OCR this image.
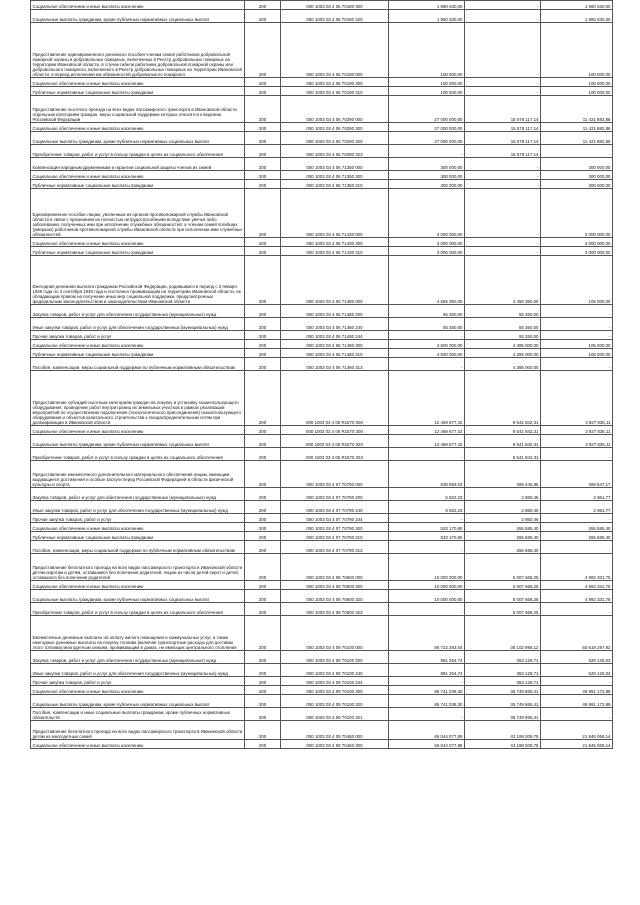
Социальное обеспечение и иные выплаты населению	200	000 1003 03 4 06 70180 300	1 960 630,00	-	1 960 630,00
Социальные выплаты гражданам, кроме публичных нормативных социальных выплат	200	000 1003 03 4 06 70180 320	1 960 630,00	-	1 960 630,00
Предоставление единовременного денежного пособия членам семей работников добровольной пожарной охраны и добровольных пожарных, включенных в Реестр добровольных пожарных на территории Ивановской области, в случае гибели работника добровольной пожарной охраны или добровольного пожарного, включенного в Реестр добровольных пожарных на территории Ивановской области, в период исполнения им обязанностей добровольного пожарного	200	000 1003 03 4 06 70190 000	100 000,00	-	100 000,00
Социальное обеспечение и иные выплаты населению	200	000 1003 03 4 06 70190 300	100 000,00	-	100 000,00
Публичные нормативные социальные выплаты гражданам	200	000 1003 03 4 06 70190 310	100 000,00	-	100 000,00
Предоставление льготного проезда на всех видах пассажирского транспорта в Ивановской области отдельным категориям граждан, меры социальной поддержки которых относятся к ведению Российской Федерации	200	000 1003 03 4 06 70290 000	27 000 000,00	15 578 117,14	11 421 882,86
Социальное обеспечение и иные выплаты населению	200	000 1003 03 4 06 70290 300	27 000 000,00	15 578 117,14	11 421 882,86
Социальные выплаты гражданам, кроме публичных нормативных социальных выплат	200	000 1003 03 4 06 70290 320	27 000 000,00	15 578 117,14	11 421 882,86
Приобретение товаров, работ и услуг в пользу граждан в целях их социального обеспечения	200	000 1003 03 4 06 70290 323	-	15 578 117,14	-
Компенсация народным дружинникам и гарантии социальной защиты членов их семей	200	000 1003 03 4 06 71350 000	300 000,00	-	300 000,00
Социальное обеспечение и иные выплаты населению	200	000 1003 03 4 06 71350 300	300 000,00	-	300 000,00
Публичные нормативные социальные выплаты гражданам	200	000 1003 03 4 06 71350 310	300 000,00	-	300 000,00
Единовременное пособие лицам, уволенным из органов противопожарной службы Ивановской области в связи с признанием их полностью нетрудоспособными вследствие увечья либо заболевания, полученных ими при исполнении служебных обязанностей, а членам семей погибших (умерших) работников противопожарной службы Ивановской области при исполнении ими служебных обязанностей	200	000 1003 03 4 06 71430 000	3 000 000,00	-	3 000 000,00
Социальное обеспечение и иные выплаты населению	200	000 1003 03 4 06 71430 300	3 000 000,00	-	3 000 000,00
Публичные нормативные социальные выплаты гражданам	200	000 1003 03 4 06 71430 310	3 000 000,00	-	3 000 000,00
Ежегодная денежная выплата гражданам Российской Федерации, родившимся в период с 3 января 1928 года по 3 сентября 1945 года и постоянно проживающим на территории Ивановской области, не обладающим правом на получение иных мер социальной поддержки, предусмотренных федеральным законодательством и законодательством Ивановской области	200	000 1003 03 4 06 71480 000	4 555 350,00	4 450 350,00	105 000,00
Закупка товаров, работ и услуг для обеспечения государственных (муниципальных) нужд	200	000 1003 03 4 06 71480 200	55 350,00	55 350,00	-
Иные закупки товаров, работ и услуг для обеспечения государственных (муниципальных) нужд	200	000 1003 03 4 06 71480 240	55 350,00	55 350,00	-
Прочая закупка товаров, работ и услуг	200	000 1003 03 4 06 71480 244	-	55 350,00	-
Социальное обеспечение и иные выплаты населению	200	000 1003 03 4 06 71480 300	4 500 000,00	4 395 000,00	105 000,00
Публичные нормативные социальные выплаты гражданам	200	000 1003 03 4 06 71480 310	4 500 000,00	4 395 000,00	105 000,00
Пособия, компенсации, меры социальной поддержки по публичным нормативным обязательствам	200	000 1003 03 4 06 71480 313	-	4 395 000,00	-
Предоставление субсидий льготным категориям граждан на покупку и установку газоиспользующего оборудования, проведение работ внутри границ их земельных участков в рамках реализации мероприятий по осуществлению подключения (технологического присоединения) газоиспользующего оборудования и объектов капитального строительства к газораспределительным сетям при догазификации в Ивановской области	200	000 1003 03 4 06 R1570 000	12 469 677,42	8 541 842,31	3 927 835,11
Социальное обеспечение и иные выплаты населению	200	000 1003 03 4 06 R1570 300	12 469 677,42	8 541 842,31	3 927 835,11
Социальные выплаты гражданам, кроме публичных нормативных социальных выплат	200	000 1003 03 4 06 R1570 320	12 469 677,42	8 541 842,31	3 927 835,11
Приобретение товаров, работ и услуг в пользу граждан в целях их социального обеспечения	200	000 1003 03 4 06 R1570 323	-	8 541 842,31	-
Предоставление ежемесячного дополнительного материального обеспечения лицам, имеющим выдающиеся достижения и особые заслуги перед Российской Федерацией в области физической культуры и спорта	200	000 1003 03 4 07 70790 000	538 993,03	269 445,86	269 547,17
Закупка товаров, работ и услуг для обеспечения государственных (муниципальных) нужд	200	000 1003 03 4 07 70790 200	5 822,23	2 860,46	2 961,77
Иные закупки товаров, работ и услуг для обеспечения государственных (муниципальных) нужд	200	000 1003 03 4 07 70790 240	5 822,23	2 860,46	2 961,77
Прочая закупка товаров, работ и услуг	200	000 1003 03 4 07 70790 244	-	2 860,46	-
Социальное обеспечение и иные выплаты населению	200	000 1003 03 4 07 70790 300	533 170,80	266 585,40	266 585,40
Публичные нормативные социальные выплаты гражданам	200	000 1003 03 4 07 70790 310	533 170,80	266 585,40	266 585,40
Пособия, компенсации, меры социальной поддержки по публичным нормативным обязательствам	200	000 1003 03 4 07 70790 313	-	266 585,40	-
Предоставление бесплатного проезда на всех видах пассажирского транспорта в Ивановской области детям-сиротам и детям, оставшимся без попечения родителей, лицам из числа детей-сирот и детей, оставшихся без попечения родителей	200	000 1003 03 4 08 70600 000	10 000 000,00	5 007 668,25	4 992 331,75
Социальное обеспечение и иные выплаты населению	200	000 1003 03 4 08 70600 300	10 000 000,00	5 007 668,25	4 992 331,75
Социальные выплаты гражданам, кроме публичных нормативных социальных выплат	200	000 1003 03 4 08 70600 320	10 000 000,00	5 007 668,25	4 992 331,75
Приобретение товаров, работ и услуг в пользу граждан в целях их социального обеспечения	200	000 1003 03 4 08 70600 323	-	5 007 668,25	-
Ежемесячные денежные выплаты на оплату жилого помещения и коммунальных услуг, а также ежегодные денежные выплаты на покупку топлива (включая транспортные расходы для доставки этого топлива) многодетным семьям, проживающим в домах, не имеющих центрального отопления	200	000 1003 03 4 09 70100 000	86 722 293,04	36 102 995,12	50 619 297,92
Закупка товаров, работ и услуг для обеспечения государственных (муниципальных) нужд	200	000 1003 03 4 09 70100 200	981 254,74	353 129,71	628 125,03
Иные закупки товаров, работ и услуг для обеспечения государственных (муниципальных) нужд	200	000 1003 03 4 09 70100 240	981 254,74	353 129,71	628 125,03
Прочая закупка товаров, работ и услуг	200	000 1003 03 4 09 70100 244	-	353 129,71	-
Социальное обеспечение и иные выплаты населению	200	000 1003 03 4 09 70100 300	85 741 038,30	35 749 865,41	49 991 172,89
Социальные выплаты гражданам, кроме публичных нормативных социальных выплат	200	000 1003 03 4 09 70100 320	85 741 038,30	35 749 865,41	49 991 172,89
Пособия, компенсации и иные социальные выплаты гражданам, кроме публичных нормативных обязательств	200	000 1003 03 4 09 70100 321	-	35 749 865,41	-
Предоставление бесплатного проезда на всех видах пассажирского транспорта в Ивановской области детям из многодетных семей	200	000 1003 03 4 09 70460 000	65 044 077,89	43 198 009,75	21 846 068,14
Социальное обеспечение и иные выплаты населению	200	000 1003 03 4 09 70460 300	65 044 077,89	43 198 009,75	21 846 068,14
